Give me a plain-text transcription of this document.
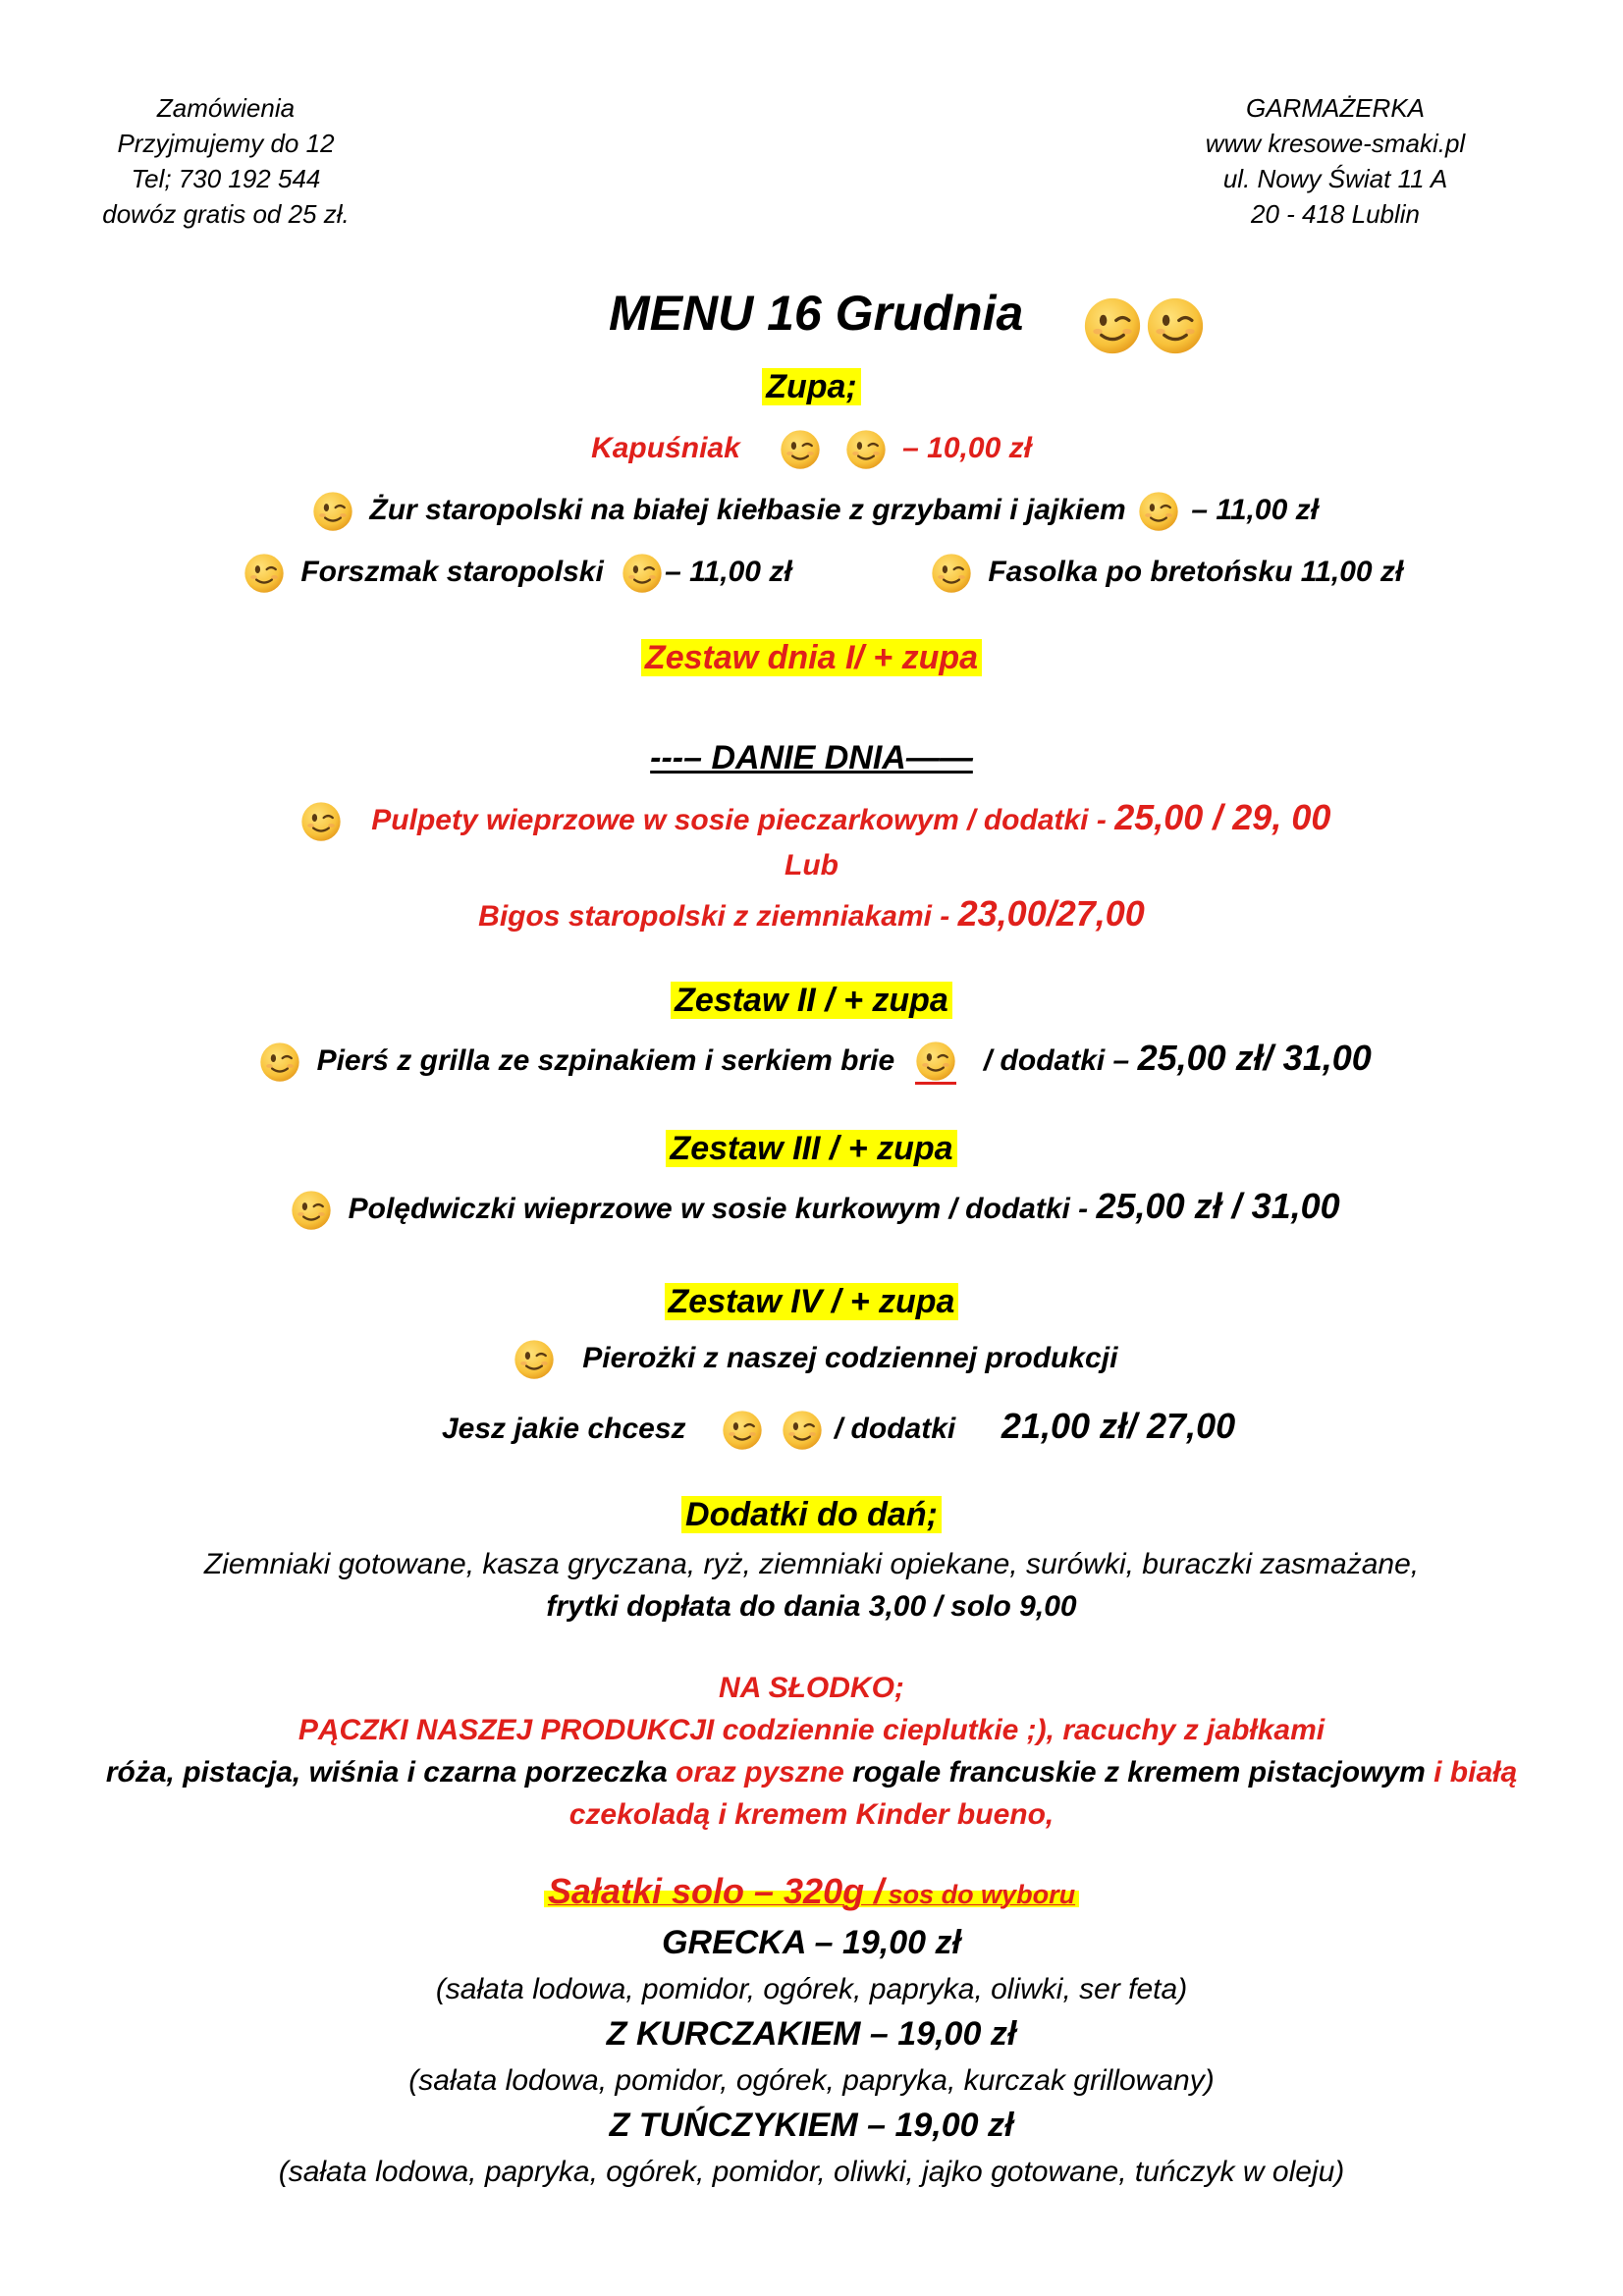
Zamówienia
Przyjmujemy do 12
Tel; 730 192 544
dowóz gratis od 25 zł.
GARMAŻERKA
www kresowe-smaki.pl
ul. Nowy Świat 11 A
20 - 418 Lublin
MENU 16 Grudnia
Zupa;
Kapuśniak
	– 10,00 zł
Żur staropolski na białej kiełbasie z grzybami i jajkiem – 11,00 zł
Forszmak staropolski – 11,00 zł	Fasolka po bretońsku 11,00 zł
Zestaw dnia I/ + zupa
---– DANIE DNIA——
Pulpety wieprzowe w sosie pieczarkowym / dodatki - 25,00 / 29, 00
Lub
Bigos staropolski z ziemniakami - 23,00/27,00
Zestaw II / + zupa
Pierś z grilla ze szpinakiem i serkiem brie	/ dodatki – 25,00 zł/ 31,00
Zestaw III / + zupa
Polędwiczki wieprzowe w sosie kurkowym / dodatki - 25,00 zł / 31,00
Zestaw IV / + zupa
Pierożki z naszej codziennej produkcji
Jesz jakie chcesz
	/ dodatki 21,00 zł/ 27,00
Dodatki do dań;
Ziemniaki gotowane, kasza gryczana, ryż, ziemniaki opiekane, surówki, buraczki zasmażane,
frytki dopłata do dania 3,00 / solo 9,00
NA SŁODKO;
PĄCZKI NASZEJ PRODUKCJI codziennie cieplutkie ;), racuchy z jabłkami
róża, pistacja, wiśnia i czarna porzeczka oraz pyszne rogale francuskie z kremem pistacjowym i białą
czekoladą i kremem Kinder bueno,
Sałatki solo – 320g / sos do wyboru
GRECKA – 19,00 zł
(sałata lodowa, pomidor, ogórek, papryka, oliwki, ser feta)
Z KURCZAKIEM – 19,00 zł
(sałata lodowa, pomidor, ogórek, papryka, kurczak grillowany)
Z TUŃCZYKIEM – 19,00 zł
(sałata lodowa, papryka, ogórek, pomidor, oliwki, jajko gotowane, tuńczyk w oleju)
